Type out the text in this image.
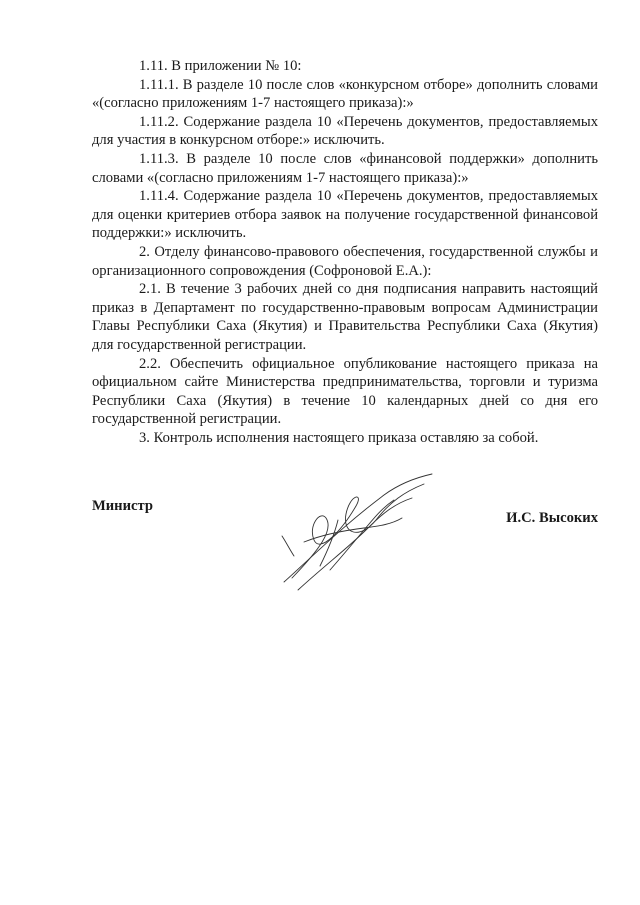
1.11. В приложении № 10:

1.11.1. В разделе 10 после слов «конкурсном отборе» дополнить словами «(согласно приложениям 1-7 настоящего приказа):»

1.11.2. Содержание раздела 10 «Перечень документов, предоставляемых для участия в конкурсном отборе:» исключить.

1.11.3. В разделе 10 после слов «финансовой поддержки» дополнить словами «(согласно приложениям 1-7 настоящего приказа):»

1.11.4. Содержание раздела 10 «Перечень документов, предоставляемых для оценки критериев отбора заявок на получение государственной финансовой поддержки:» исключить.

2. Отделу финансово-правового обеспечения, государственной службы и организационного сопровождения (Софроновой Е.А.):

2.1. В течение 3 рабочих дней со дня подписания направить настоящий приказ в Департамент по государственно-правовым вопросам Администрации Главы Республики Саха (Якутия) и Правительства Республики Саха (Якутия) для государственной регистрации.

2.2. Обеспечить официальное опубликование настоящего приказа на официальном сайте Министерства предпринимательства, торговли и туризма Республики Саха (Якутия) в течение 10 календарных дней со дня его государственной регистрации.

3. Контроль исполнения настоящего приказа оставляю за собой.

Министр
И.С. Высоких
